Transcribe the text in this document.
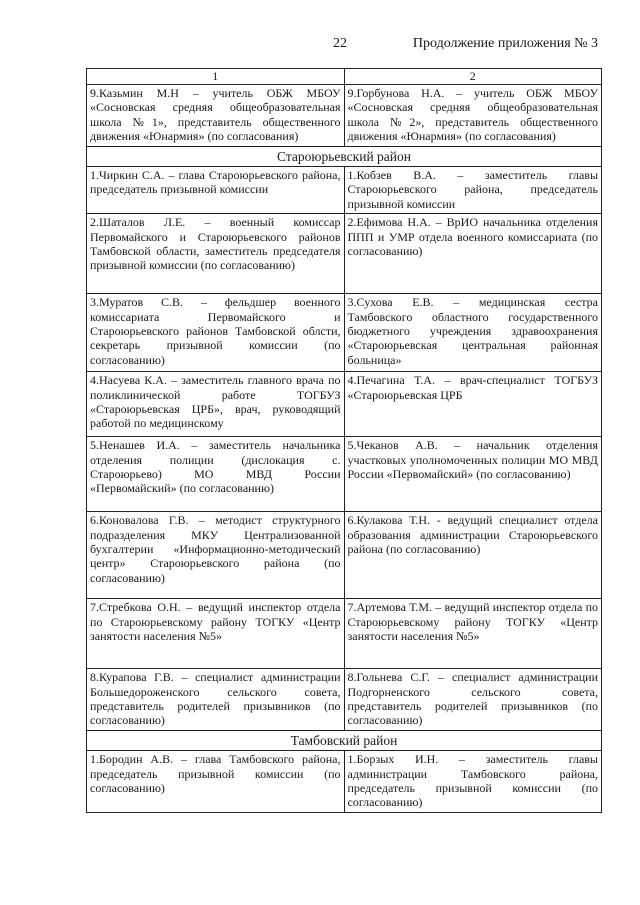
22	Продолжение приложения № 3
1	2
9.Казьмин М.Н – учитель ОБЖ МБОУ «Сосновская средняя общеобразовательная школа №1», представитель общественного движения «Юнармия» (по согласования)	9.Горбунова Н.А. – учитель ОБЖ МБОУ «Сосновская средняя общеобразовательная школа №2», представитель общественного движения «Юнармия» (по согласования)
Староюрьевский район	
1.Чиркин С.А. – глава Староюрьевского района, председатель призывной комиссии	1.Кобзев В.А. – заместитель главы Староюрьевского района, председатель призывной комиссии
2.Шаталов Л.Е. – военный комиссар Первомайского и Староюрьевского районов Тамбовской области, заместитель председателя призывной комиссии (по согласованию)	2.Ефимова Н.А. – ВрИО начальника отделения ППП и УМР отдела военного комиссариата (по согласованию)
3.Муратов С.В. – фельдшер военного комиссариата Первомайского и Староюрьевского районов Тамбовской облсти, секретарь призывной комиссии (по согласованию)	3.Сухова Е.В. – медицинская сестра Тамбовского областного государственного бюджетного учреждения здравоохранения «Староюрьевская центральная районная больница»
4.Насуева К.А. – заместитель главного врача по поликлинической работе ТОГБУЗ «Староюрьевская ЦРБ», врач, руководящий работой по медицинскому	4.Печагина Т.А. – врач-специалист ТОГБУЗ «Староюрьевская ЦРБ
5.Ненашев И.А. – заместитель начальника отделения полиции (дислокация с. Староюрьево) МО МВД России «Первомайский» (по согласованию)	5.Чеканов А.В. – начальник отделения участковых уполномоченных полиции МО МВД России «Первомайский» (по согласованию)
6.Коновалова Г.В. – методист структурного подразделения МКУ Централизованной бухгалтерии «Информационно-методический центр» Староюрьевского района (по согласованию)	6.Кулакова Т.Н. - ведущий специалист отдела образования администрации Староюрьевского района (по согласованию)
7.Стребкова О.Н. – ведущий инспектор отдела по Староюрьевскому району ТОГКУ «Центр занятости населения №5»	7.Артемова Т.М. – ведущий инспектор отдела по Староюрьевскому району ТОГКУ «Центр занятости населения №5»
8.Курапова Г.В. – специалист администрации Большедороженского сельского совета, представитель родителей призывников (по согласованию)	8.Гольнева С.Г. – специалист администрации Подгорненского сельского совета, представитель родителей призывников (по согласованию)
Тамбовский район	
1.Бородин А.В. – глава Тамбовского района, председатель призывной комиссии (по согласованию)	1.Борзых И.Н. – заместитель главы администрации Тамбовского района, председатель призывной комиссии (по согласованию)
